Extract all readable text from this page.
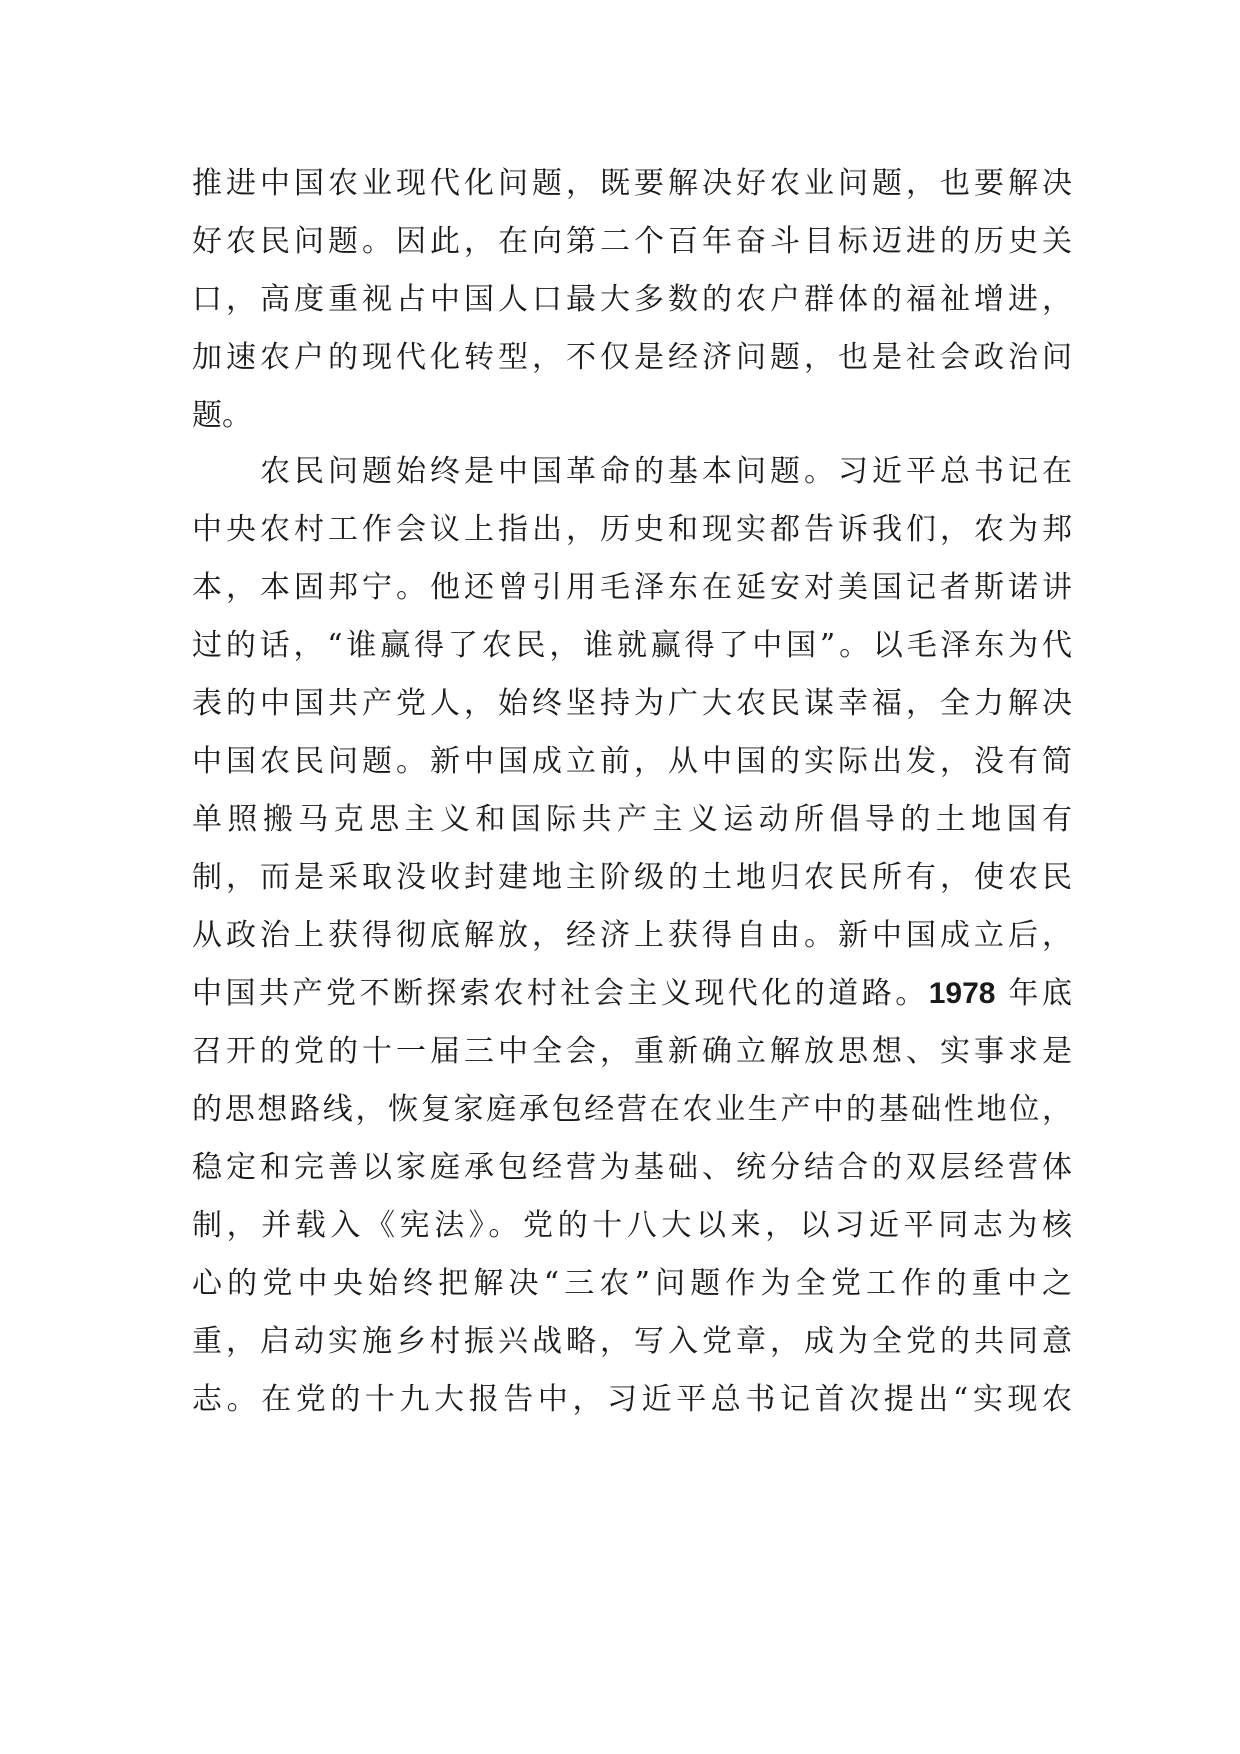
推进中国农业现代化问题，既要解决好农业问题，也要解决
好农民问题。因此，在向第二个百年奋斗目标迈进的历史关
口，高度重视占中国人口最大多数的农户群体的福祉增进，
加速农户的现代化转型，不仅是经济问题，也是社会政治问
题。
　　农民问题始终是中国革命的基本问题。习近平总书记在
中央农村工作会议上指出，历史和现实都告诉我们，农为邦
本，本固邦宁。他还曾引用毛泽东在延安对美国记者斯诺讲
过的话，“谁赢得了农民，谁就赢得了中国”。以毛泽东为代
表的中国共产党人，始终坚持为广大农民谋幸福，全力解决
中国农民问题。新中国成立前，从中国的实际出发，没有简
单照搬马克思主义和国际共产主义运动所倡导的土地国有
制，而是采取没收封建地主阶级的土地归农民所有，使农民
从政治上获得彻底解放，经济上获得自由。新中国成立后，
中国共产党不断探索农村社会主义现代化的道路。1978 年底
召开的党的十一届三中全会，重新确立解放思想、实事求是
的思想路线，恢复家庭承包经营在农业生产中的基础性地位，
稳定和完善以家庭承包经营为基础、统分结合的双层经营体
制，并载入《宪法》。党的十八大以来，以习近平同志为核
心的党中央始终把解决“三农”问题作为全党工作的重中之
重，启动实施乡村振兴战略，写入党章，成为全党的共同意
志。在党的十九大报告中，习近平总书记首次提出“实现农
